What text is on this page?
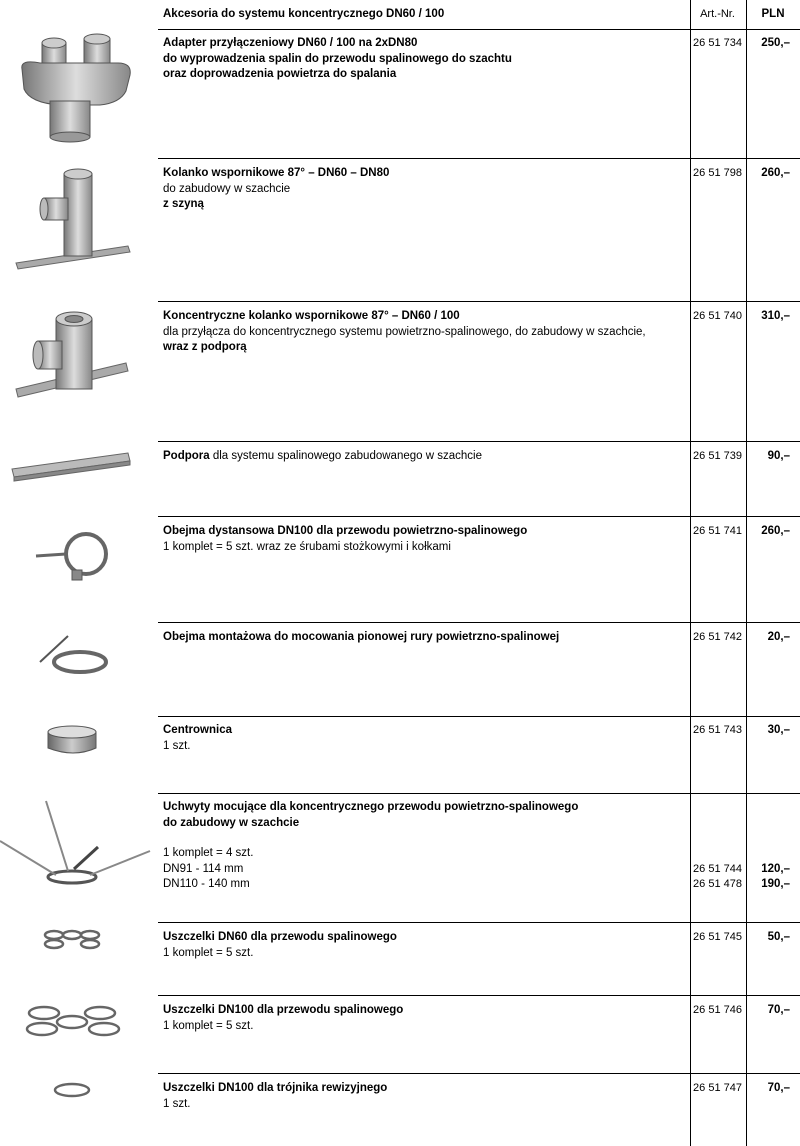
Akcesoria do systemu koncentrycznego DN60 / 100	Art.-Nr.	PLN
Adapter przyłączeniowy DN60 / 100 na 2xDN80
do wyprowadzenia spalin do przewodu spalinowego do szachtu
oraz doprowadzenia powietrza do spalania
26 51 734	250,–
Kolanko wspornikowe 87° – DN60 – DN80
do zabudowy w szachcie
z szyną
26 51 798	260,–
Koncentryczne kolanko wspornikowe 87° – DN60 / 100
dla przyłącza do koncentrycznego systemu powietrzno-spalinowego, do zabudowy w szachcie,
wraz z podporą
26 51 740	310,–
Podpora dla systemu spalinowego zabudowanego w szachcie	26 51 739	90,–
Obejma dystansowa DN100 dla przewodu powietrzno-spalinowego
1 komplet = 5 szt. wraz ze śrubami stożkowymi i kołkami
26 51 741	260,–
Obejma montażowa do mocowania pionowej rury powietrzno-spalinowej	26 51 742	20,–
Centrownica
1 szt.
26 51 743	30,–
Uchwyty mocujące dla koncentrycznego przewodu powietrzno-spalinowego
do zabudowy w szachcie
1 komplet = 4 szt.
DN91 - 114 mm
DN110 - 140 mm
26 51 744	120,–
26 51 478	190,–
Uszczelki DN60 dla przewodu spalinowego
1 komplet = 5 szt.
26 51 745	50,–
Uszczelki DN100 dla przewodu spalinowego
1 komplet = 5 szt.
26 51 746	70,–
Uszczelki DN100 dla trójnika rewizyjnego
1 szt.
26 51 747	70,–
